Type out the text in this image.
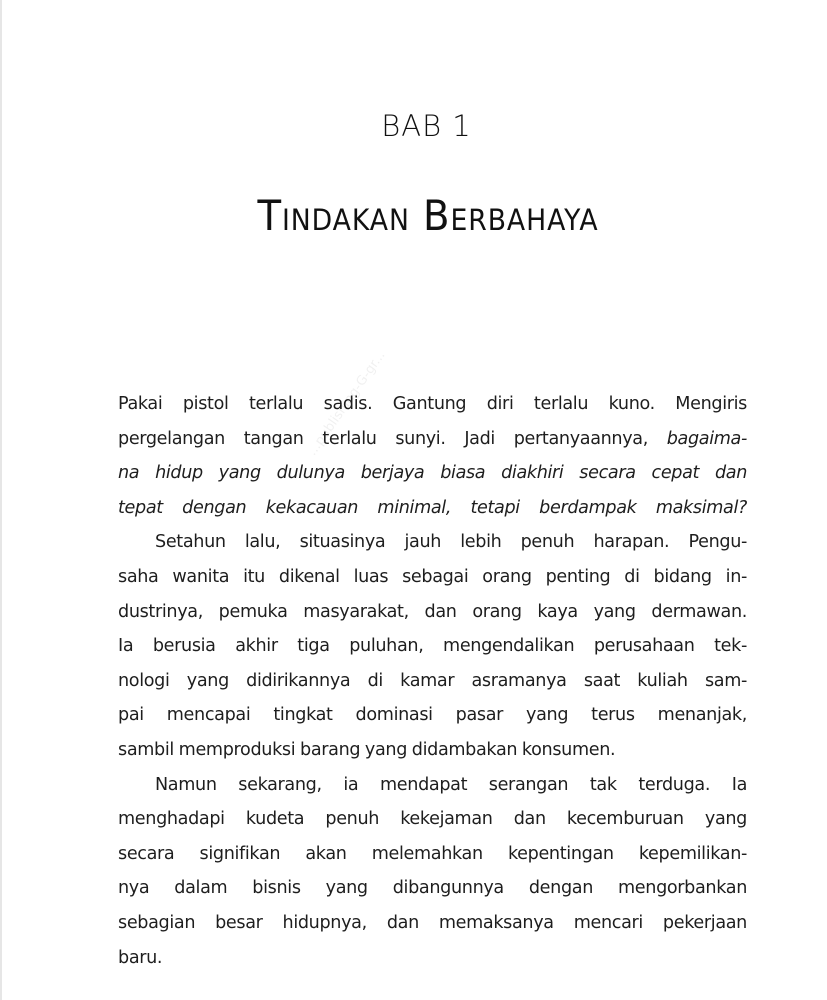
BAB 1
Tindakan Berbahaya
...publishing-G-gr...
Pakai pistol terlalu sadis. Gantung diri terlalu kuno. Mengiris
pergelangan tangan terlalu sunyi. Jadi pertanyaannya, bagaima-
na hidup yang dulunya berjaya biasa diakhiri secara cepat dan
tepat dengan kekacauan minimal, tetapi berdampak maksimal?
Setahun lalu, situasinya jauh lebih penuh harapan. Pengu-
saha wanita itu dikenal luas sebagai orang penting di bidang in-
dustrinya, pemuka masyarakat, dan orang kaya yang dermawan.
Ia berusia akhir tiga puluhan, mengendalikan perusahaan tek-
nologi yang didirikannya di kamar asramanya saat kuliah sam-
pai mencapai tingkat dominasi pasar yang terus menanjak,
sambil memproduksi barang yang didambakan konsumen.
Namun sekarang, ia mendapat serangan tak terduga. Ia
menghadapi kudeta penuh kekejaman dan kecemburuan yang
secara signifikan akan melemahkan kepentingan kepemilikan-
nya dalam bisnis yang dibangunnya dengan mengorbankan
sebagian besar hidupnya, dan memaksanya mencari pekerjaan
baru.
